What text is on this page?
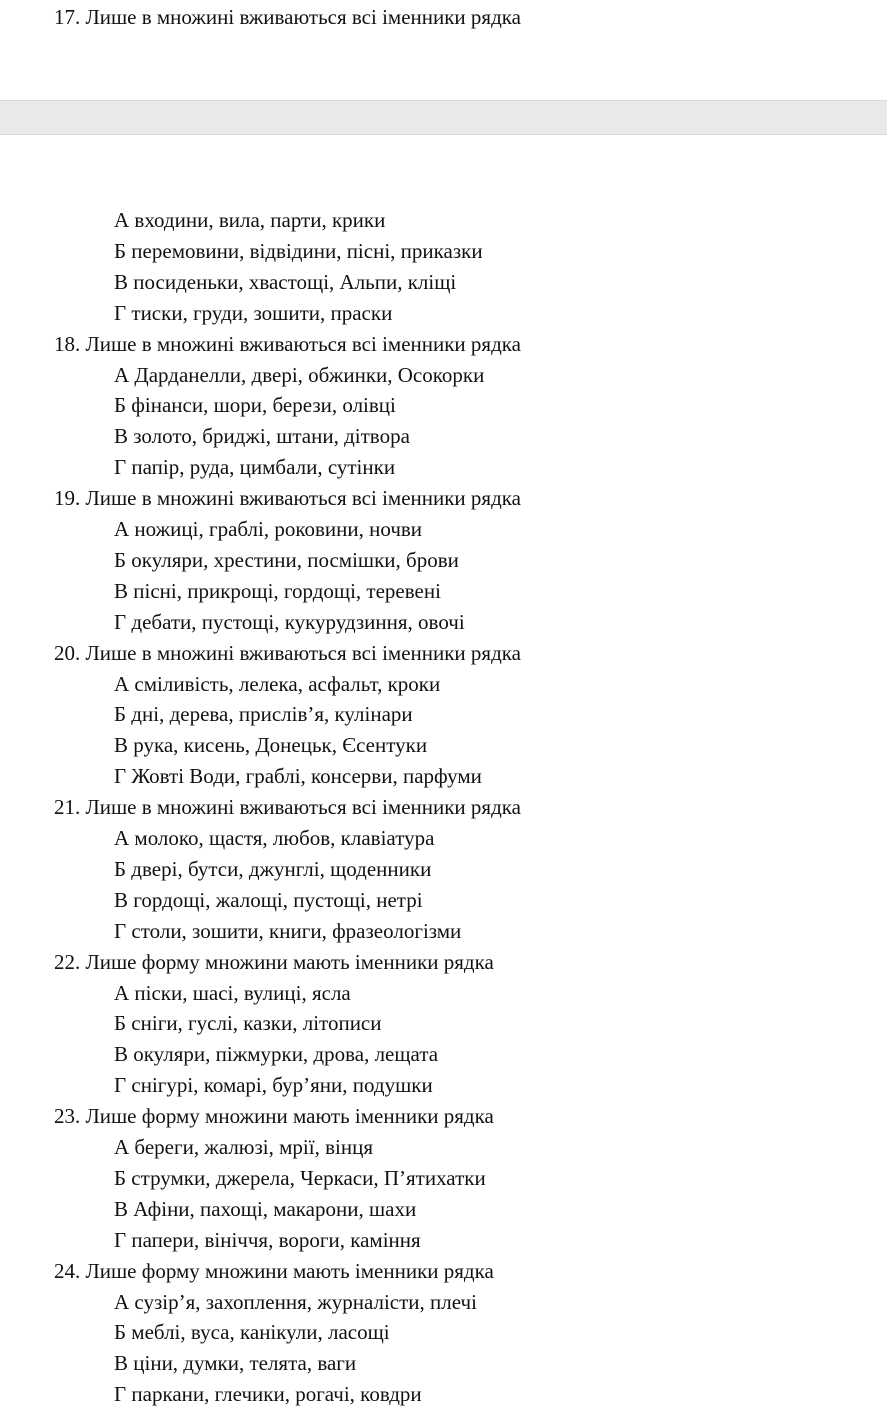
17. Лише в множині вживаються всі іменники рядка
А входини, вила, парти, крики
Б перемовини, відвідини, пісні, приказки
В посиденьки, хвастощі, Альпи, кліщі
Г тиски, груди, зошити, праски
18. Лише в множині вживаються всі іменники рядка
А Дарданелли, двері, обжинки, Осокорки
Б фінанси, шори, берези, олівці
В золото, бриджі, штани, дітвора
Г папір, руда, цимбали, сутінки
19. Лише в множині вживаються всі іменники рядка
А ножиці, граблі, роковини, ночви
Б окуляри, хрестини, посмішки, брови
В пісні, прикрощі, гордощі, теревені
Г дебати, пустощі, кукурудзиння, овочі
20. Лише в множині вживаються всі іменники рядка
А сміливість, лелека, асфальт, кроки
Б дні, дерева, прислів’я, кулінари
В рука, кисень, Донецьк, Єсентуки
Г Жовті Води, граблі, консерви, парфуми
21. Лише в множині вживаються всі іменники рядка
А молоко, щастя, любов, клавіатура
Б двері, бутси, джунглі, щоденники
В гордощі, жалощі, пустощі, нетрі
Г столи, зошити, книги, фразеологізми
22. Лише форму множини мають іменники рядка
А піски, шасі, вулиці, ясла
Б сніги, гуслі, казки, літописи
В окуляри, піжмурки, дрова, лещата
Г снігурі, комарі, бур’яни, подушки
23. Лише форму множини мають іменники рядка
А береги, жалюзі, мрії, вінця
Б струмки, джерела, Черкаси, П’ятихатки
В Афіни, пахощі, макарони, шахи
Г папери, вініччя, вороги, каміння
24. Лише форму множини мають іменники рядка
А сузір’я, захоплення, журналісти, плечі
Б меблі, вуса, канікули, ласощі
В ціни, думки, телята, ваги
Г паркани, глечики, рогачі, ковдри
